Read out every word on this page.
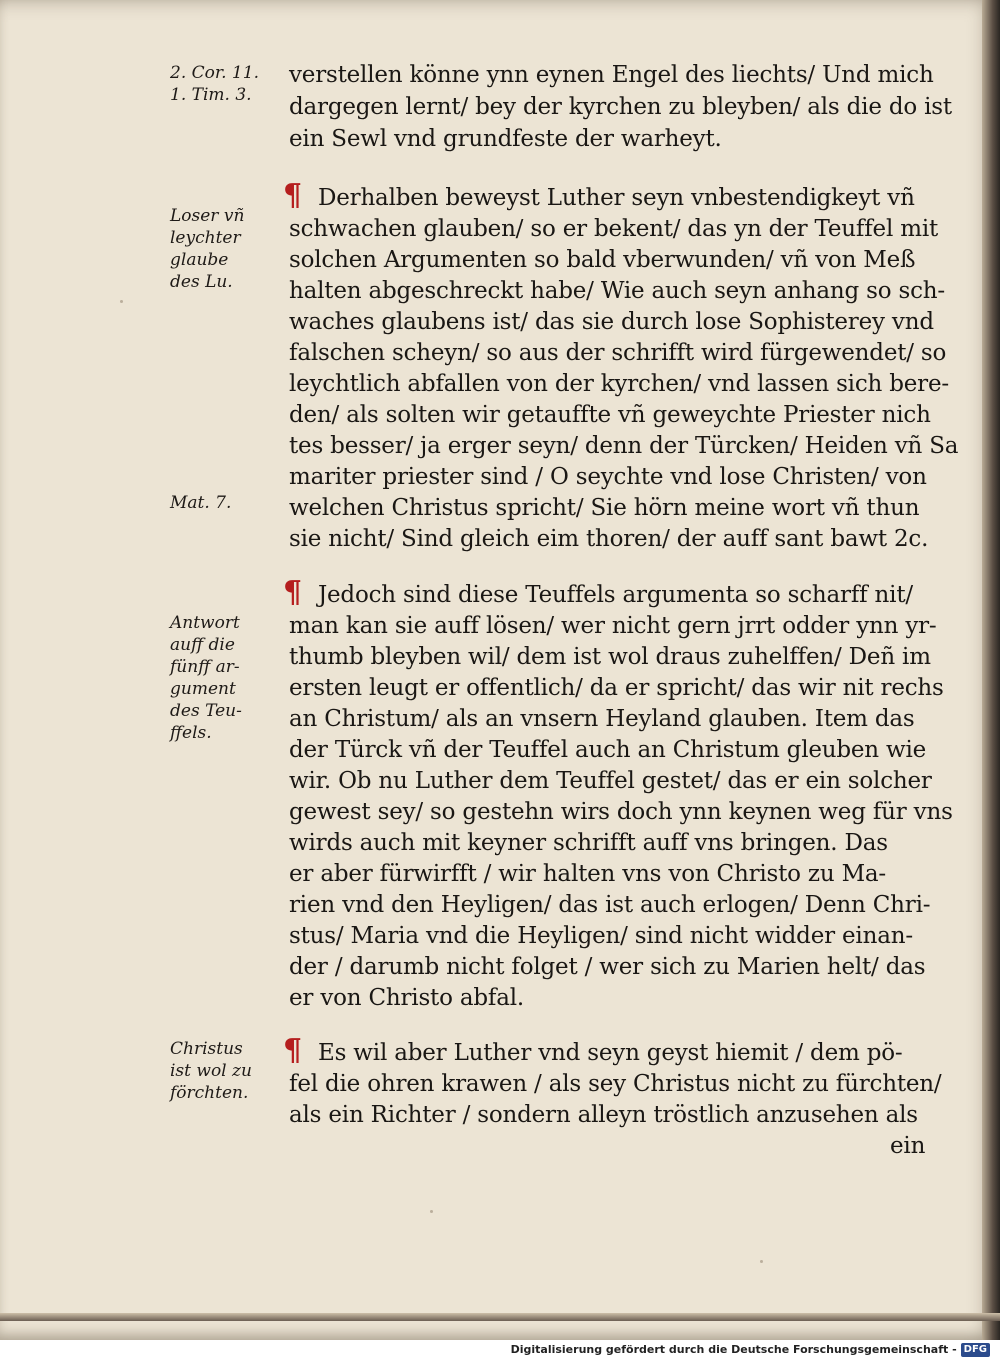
2. Cor. 11.
1. Tim. 3.
Loser vñ
leychter
glaube
des Lu.
Mat. 7.
Antwort
auff die
fünff ar-
gument
des Teu-
ffels.
Christus
ist wol zu
förchten.
¶
¶
¶
verstellen könne ynn eynen Engel des liechts/ Und mich
dargegen lernt/ bey der kyrchen zu bleyben/ als die do ist
ein Sewl vnd grundfeste der warheyt.
Derhalben beweyst Luther seyn vnbestendigkeyt vñ
schwachen glauben/ so er bekent/ das yn der Teuffel mit
solchen Argumenten so bald vberwunden/ vñ von Meß
halten abgeschreckt habe/ Wie auch seyn anhang so sch-
waches glaubens ist/ das sie durch lose Sophisterey vnd
falschen scheyn/ so aus der schrifft wird fürgewendet/ so
leychtlich abfallen von der kyrchen/ vnd lassen sich bere-
den/ als solten wir getauffte vñ geweychte Priester nich
tes besser/ ja erger seyn/ denn der Türcken/ Heiden vñ Sa
mariter priester sind / O seychte vnd lose Christen/ von
welchen Christus spricht/ Sie hörn meine wort vñ thun
sie nicht/ Sind gleich eim thoren/ der auff sant bawt 2c.
Jedoch sind diese Teuffels argumenta so scharff nit/
man kan sie auff lösen/ wer nicht gern jrrt odder ynn yr-
thumb bleyben wil/ dem ist wol draus zuhelffen/ Deñ im
ersten leugt er offentlich/ da er spricht/ das wir nit rechs
an Christum/ als an vnsern Heyland glauben. Item das
der Türck vñ der Teuffel auch an Christum gleuben wie
wir. Ob nu Luther dem Teuffel gestet/ das er ein solcher
gewest sey/ so gestehn wirs doch ynn keynen weg für vns
wirds auch mit keyner schrifft auff vns bringen. Das
er aber fürwirfft / wir halten vns von Christo zu Ma-
rien vnd den Heyligen/ das ist auch erlogen/ Denn Chri-
stus/ Maria vnd die Heyligen/ sind nicht widder einan-
der / darumb nicht folget / wer sich zu Marien helt/ das
er von Christo abfal.
Es wil aber Luther vnd seyn geyst hiemit / dem pö-
fel die ohren krawen / als sey Christus nicht zu fürchten/
als ein Richter / sondern alleyn tröstlich anzusehen als
ein
Digitalisierung gefördert durch die Deutsche Forschungsgemeinschaft - DFG
